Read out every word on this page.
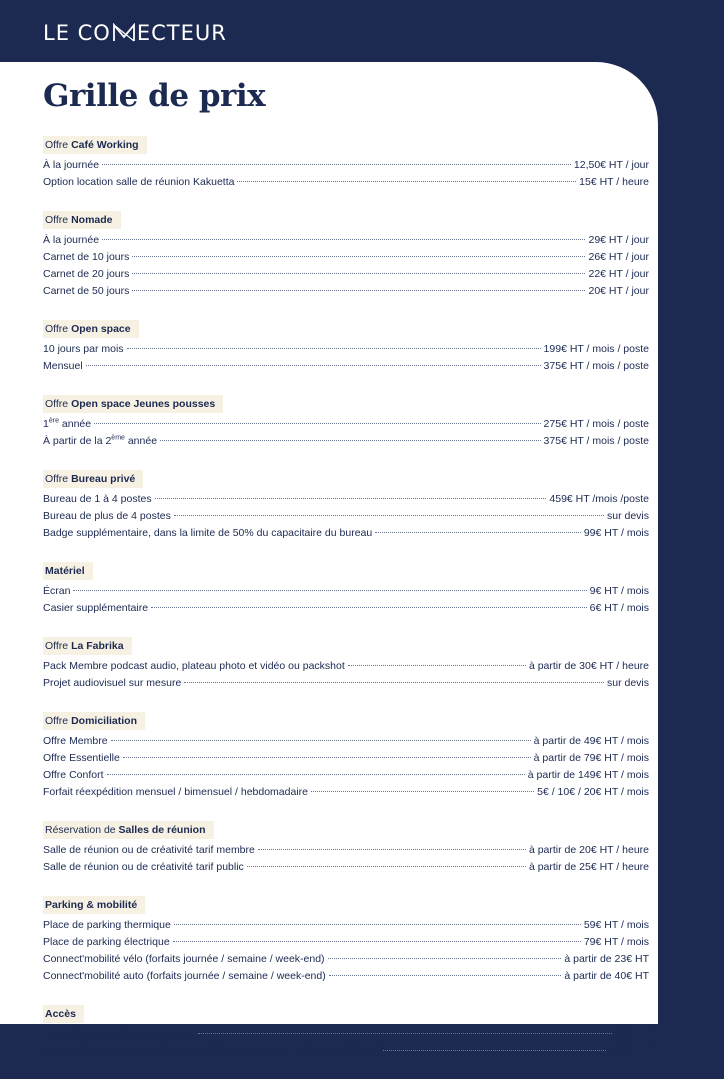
LE CO ECTEUR
Grille de prix
Offre Café Working
À la journée	12,50€ HT / jour
Option location salle de réunion Kakuetta	15€ HT / heure
Offre Nomade
À la journée	29€ HT / jour
Carnet de 10 jours	26€ HT / jour
Carnet de 20 jours	22€ HT / jour
Carnet de 50 jours	20€ HT / jour
Offre Open space
10 jours par mois	199€ HT / mois / poste
Mensuel	375€ HT / mois / poste
Offre Open space Jeunes pousses
1ère année	275€ HT / mois / poste
À partir de la 2ème année	375€ HT / mois / poste
Offre Bureau privé
Bureau de 1 à 4 postes	459€ HT /mois /poste
Bureau de plus de 4 postes	sur devis
Badge supplémentaire, dans la limite de 50% du capacitaire du bureau	99€ HT / mois
Matériel
Écran	9€ HT / mois
Casier supplémentaire	6€ HT / mois
Offre La Fabrika
Pack Membre podcast audio, plateau photo et vidéo ou packshot	à partir de 30€ HT / heure
Projet audiovisuel sur mesure	sur devis
Offre Domiciliation
Offre Membre	à partir de 49€ HT / mois
Offre Essentielle	à partir de 79€ HT / mois
Offre Confort	à partir de 149€ HT / mois
Forfait réexpédition mensuel / bimensuel / hebdomadaire	5€ / 10€ / 20€ HT / mois
Réservation de Salles de réunion
Salle de réunion ou de créativité tarif membre	à partir de 20€ HT / heure
Salle de réunion ou de créativité tarif public	à partir de 25€ HT / heure
Parking & mobilité
Place de parking thermique	59€ HT / mois
Place de parking électrique	79€ HT / mois
Connect'mobilité vélo (forfaits journée / semaine / week-end)	à partir de 23€ HT
Connect'mobilité auto (forfaits journée / semaine / week-end)	à partir de 40€ HT
Accès
Perte et non restitution de badge	10€ HT
Intervention d'urgence entre minuit et 5h durant la fermeture du bâtiment	100€ HT
